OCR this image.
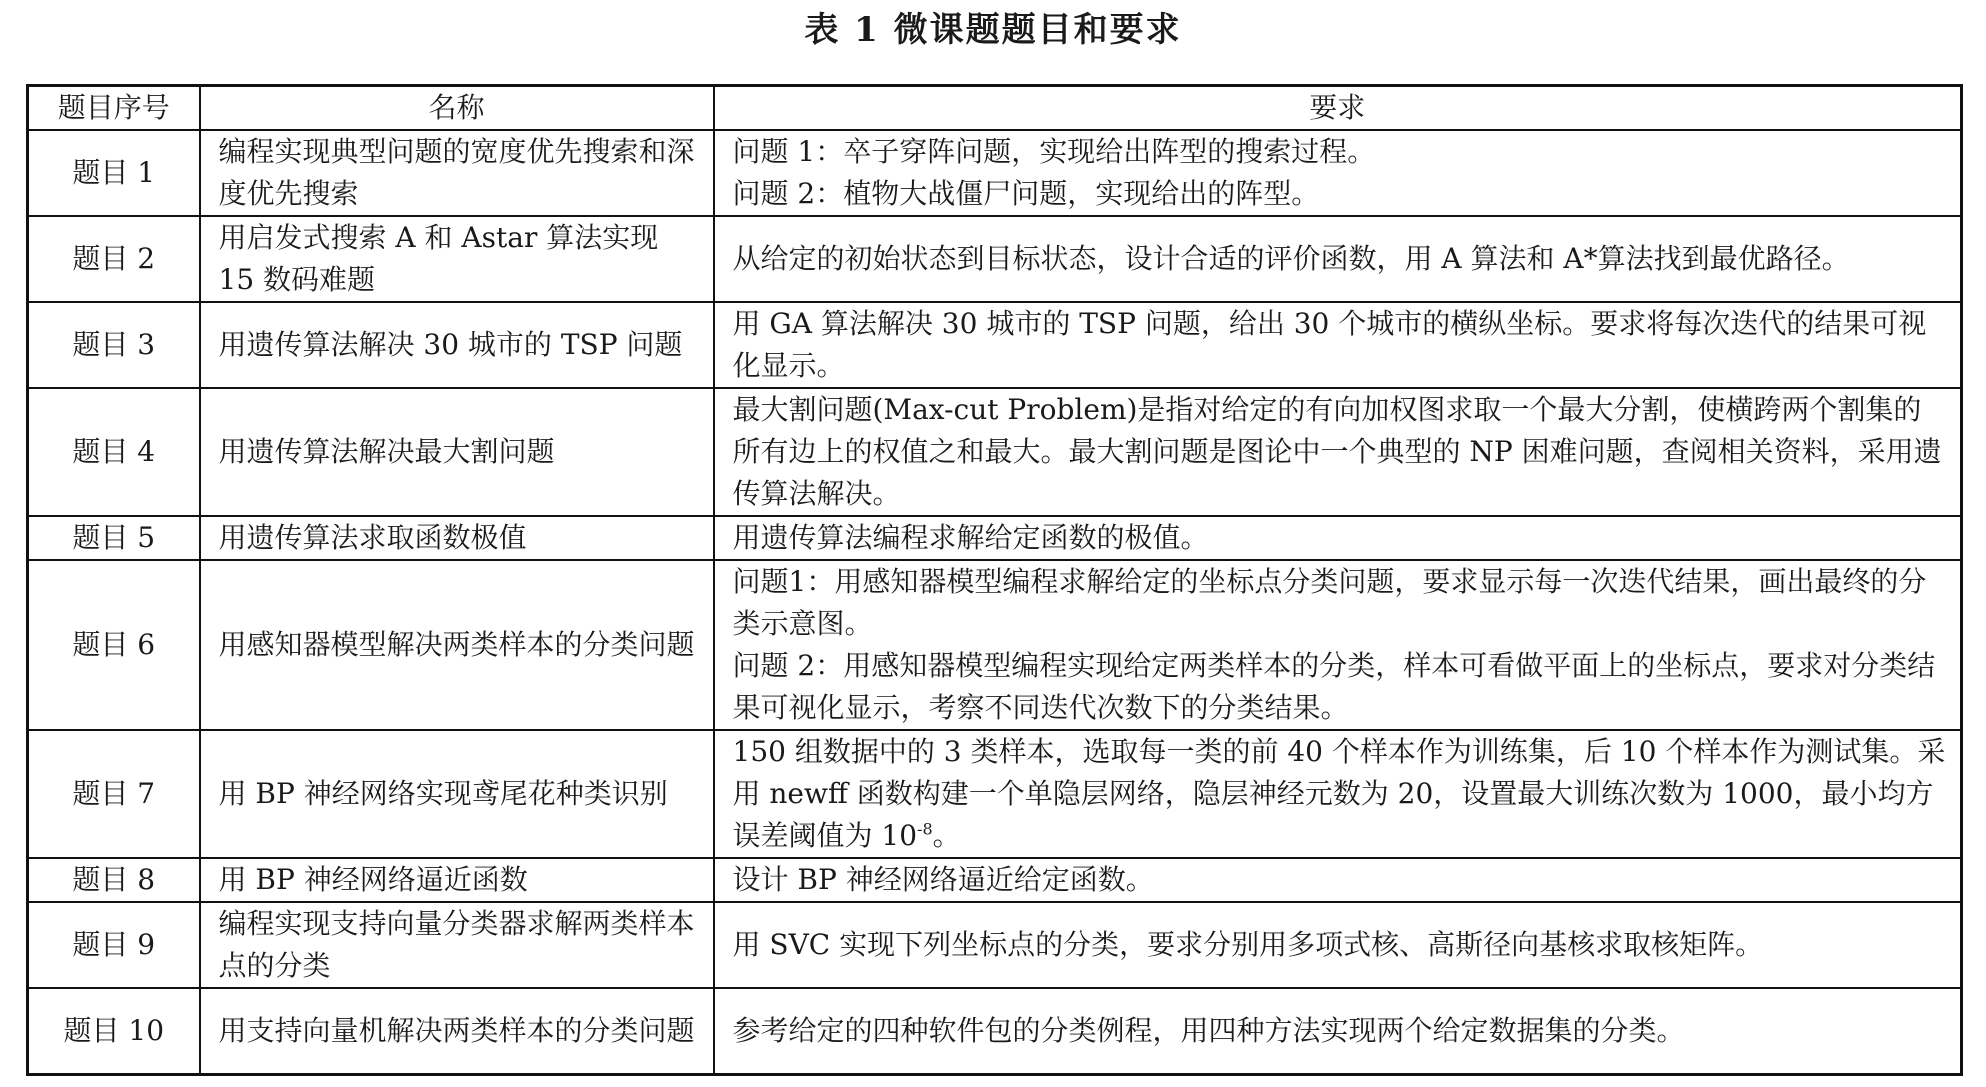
表 1 微课题题目和要求
题目序号	名称	要求
题目 1	编程实现典型问题的宽度优先搜索和深度优先搜索	问题 1：卒子穿阵问题，实现给出阵型的搜索过程。
问题 2：植物大战僵尸问题，实现给出的阵型。

题目 2	用启发式搜索 A 和 Astar 算法实现 15 数码难题	从给定的初始状态到目标状态，设计合适的评价函数，用 A 算法和 A*算法找到最优路径。

题目 3	用遗传算法解决 30 城市的 TSP 问题	用 GA 算法解决 30 城市的 TSP 问题，给出 30 个城市的横纵坐标。要求将每次迭代的结果可视化显示。

题目 4	用遗传算法解决最大割问题	最大割问题(Max-cut Problem)是指对给定的有向加权图求取一个最大分割，使横跨两个割集的所有边上的权值之和最大。最大割问题是图论中一个典型的 NP 困难问题，查阅相关资料，采用遗传算法解决。

题目 5	用遗传算法求取函数极值	用遗传算法编程求解给定函数的极值。

题目 6	用感知器模型解决两类样本的分类问题	问题1：用感知器模型编程求解给定的坐标点分类问题，要求显示每一次迭代结果，画出最终的分类示意图。
问题 2：用感知器模型编程实现给定两类样本的分类，样本可看做平面上的坐标点，要求对分类结果可视化显示，考察不同迭代次数下的分类结果。

题目 7	用 BP 神经网络实现鸢尾花种类识别	150 组数据中的 3 类样本，选取每一类的前 40 个样本作为训练集，后 10 个样本作为测试集。采用 newff 函数构建一个单隐层网络，隐层神经元数为 20，设置最大训练次数为 1000，最小均方误差阈值为 $10^{-8}$。
题目 8	用 BP 神经网络逼近函数	设计 BP 神经网络逼近给定函数。

题目 9	编程实现支持向量分类器求解两类样本点的分类	用 SVC 实现下列坐标点的分类，要求分别用多项式核、高斯径向基核求取核矩阵。

题目 10	用支持向量机解决两类样本的分类问题	参考给定的四种软件包的分类例程，用四种方法实现两个给定数据集的分类。
